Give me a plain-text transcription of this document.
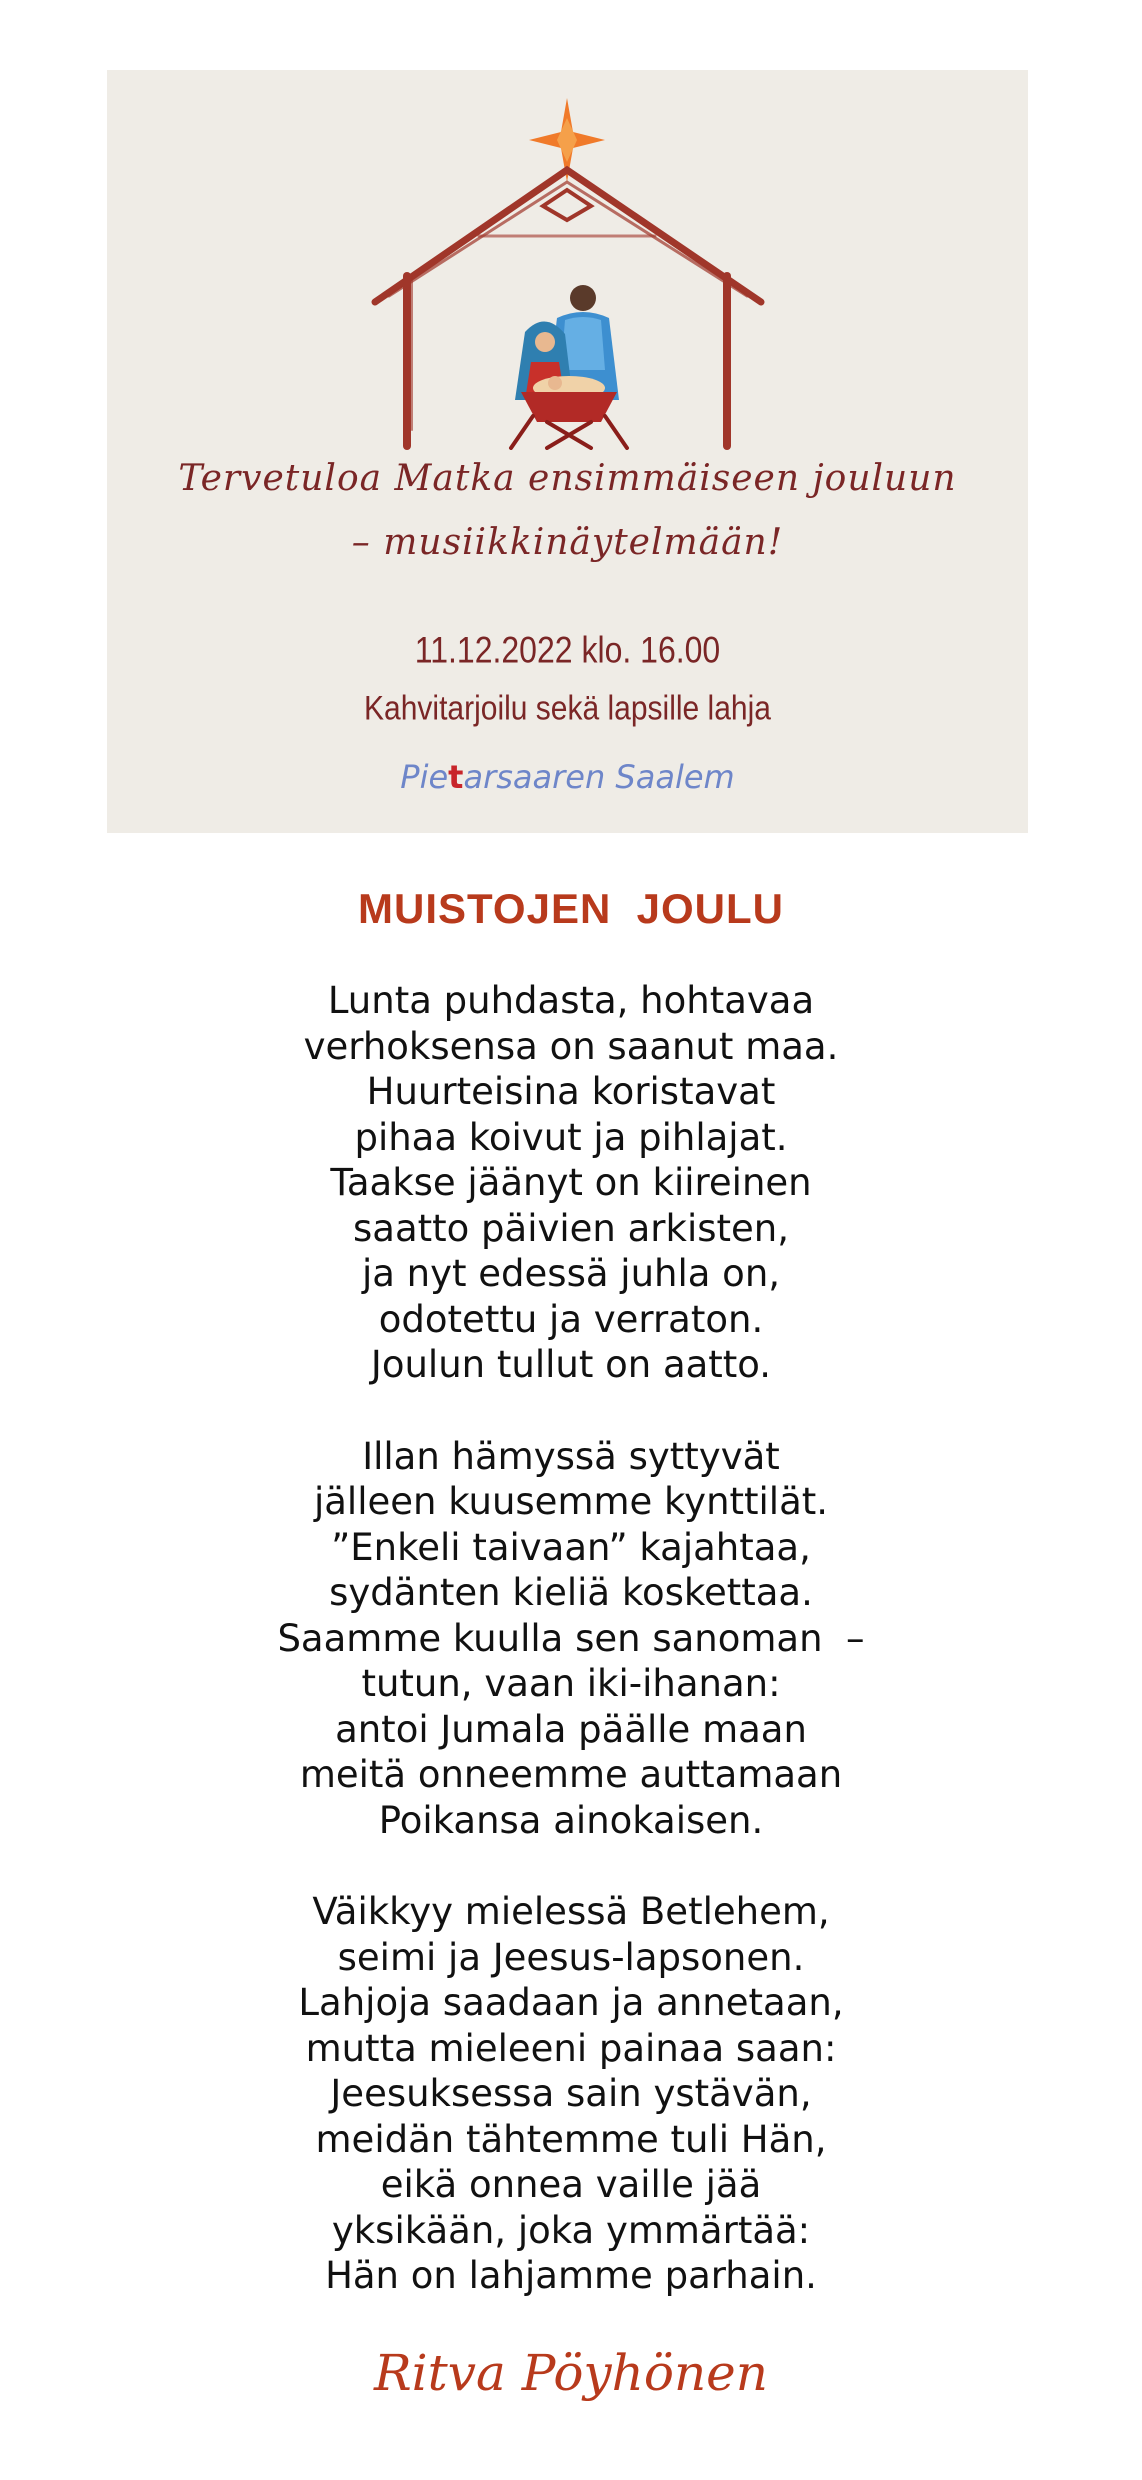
Tervetuloa Matka ensimmäiseen jouluun
– musiikkinäytelmään!
11.12.2022 klo. 16.00
Kahvitarjoilu sekä lapsille lahja
Pietarsaaren Saalem
MUISTOJEN  JOULU
Lunta puhdasta, hohtavaa
verhoksensa on saanut maa.
Huurteisina koristavat
pihaa koivut ja pihlajat.
Taakse jäänyt on kiireinen
saatto päivien arkisten,
ja nyt edessä juhla on,
odotettu ja verraton.
Joulun tullut on aatto.
Illan hämyssä syttyvät
jälleen kuusemme kynttilät.
”Enkeli taivaan” kajahtaa,
sydänten kieliä koskettaa.
Saamme kuulla sen sanoman  –
tutun, vaan iki-ihanan:
antoi Jumala päälle maan
meitä onneemme auttamaan
Poikansa ainokaisen.
Väikkyy mielessä Betlehem,
seimi ja Jeesus-lapsonen.
Lahjoja saadaan ja annetaan,
mutta mieleeni painaa saan:
Jeesuksessa sain ystävän,
meidän tähtemme tuli Hän,
eikä onnea vaille jää
yksikään, joka ymmärtää:
Hän on lahjamme parhain.
Ritva Pöyhönen
